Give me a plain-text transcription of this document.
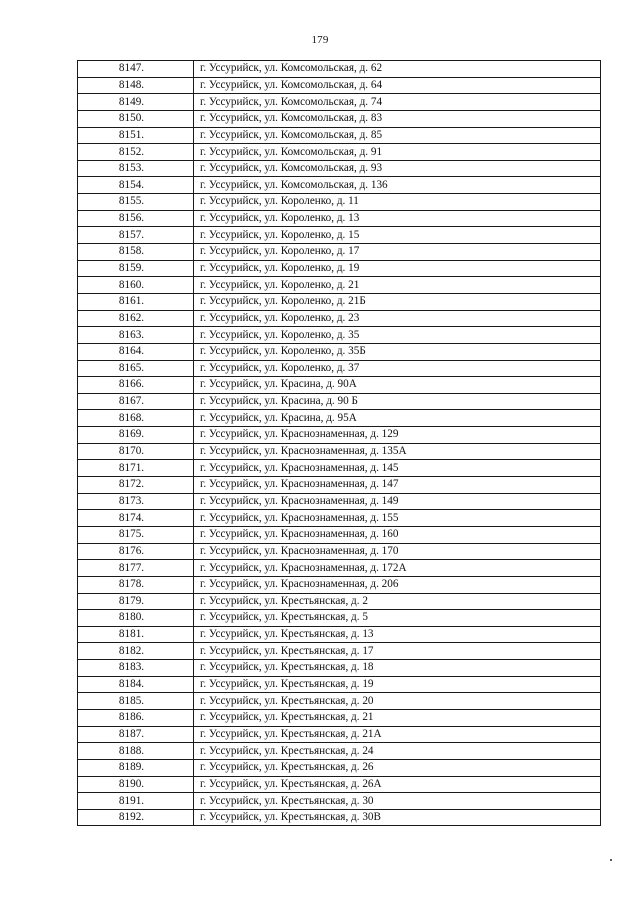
179
8147.	г. Уссурийск, ул. Комсомольская, д. 62
8148.	г. Уссурийск, ул. Комсомольская, д. 64
8149.	г. Уссурийск, ул. Комсомольская, д. 74
8150.	г. Уссурийск, ул. Комсомольская, д. 83
8151.	г. Уссурийск, ул. Комсомольская, д. 85
8152.	г. Уссурийск, ул. Комсомольская, д. 91
8153.	г. Уссурийск, ул. Комсомольская, д. 93
8154.	г. Уссурийск, ул. Комсомольская, д. 136
8155.	г. Уссурийск, ул. Короленко, д. 11
8156.	г. Уссурийск, ул. Короленко, д. 13
8157.	г. Уссурийск, ул. Короленко, д. 15
8158.	г. Уссурийск, ул. Короленко, д. 17
8159.	г. Уссурийск, ул. Короленко, д. 19
8160.	г. Уссурийск, ул. Короленко, д. 21
8161.	г. Уссурийск, ул. Короленко, д. 21Б
8162.	г. Уссурийск, ул. Короленко, д. 23
8163.	г. Уссурийск, ул. Короленко, д. 35
8164.	г. Уссурийск, ул. Короленко, д. 35Б
8165.	г. Уссурийск, ул. Короленко, д. 37
8166.	г. Уссурийск, ул. Красина, д. 90А
8167.	г. Уссурийск, ул. Красина, д. 90 Б
8168.	г. Уссурийск, ул. Красина, д. 95А
8169.	г. Уссурийск, ул. Краснознаменная, д. 129
8170.	г. Уссурийск, ул. Краснознаменная, д. 135А
8171.	г. Уссурийск, ул. Краснознаменная, д. 145
8172.	г. Уссурийск, ул. Краснознаменная, д. 147
8173.	г. Уссурийск, ул. Краснознаменная, д. 149
8174.	г. Уссурийск, ул. Краснознаменная, д. 155
8175.	г. Уссурийск, ул. Краснознаменная, д. 160
8176.	г. Уссурийск, ул. Краснознаменная, д. 170
8177.	г. Уссурийск, ул. Краснознаменная, д. 172А
8178.	г. Уссурийск, ул. Краснознаменная, д. 206
8179.	г. Уссурийск, ул. Крестьянская, д. 2
8180.	г. Уссурийск, ул. Крестьянская, д. 5
8181.	г. Уссурийск, ул. Крестьянская, д. 13
8182.	г. Уссурийск, ул. Крестьянская, д. 17
8183.	г. Уссурийск, ул. Крестьянская, д. 18
8184.	г. Уссурийск, ул. Крестьянская, д. 19
8185.	г. Уссурийск, ул. Крестьянская, д. 20
8186.	г. Уссурийск, ул. Крестьянская, д. 21
8187.	г. Уссурийск, ул. Крестьянская, д. 21А
8188.	г. Уссурийск, ул. Крестьянская, д. 24
8189.	г. Уссурийск, ул. Крестьянская, д. 26
8190.	г. Уссурийск, ул. Крестьянская, д. 26А
8191.	г. Уссурийск, ул. Крестьянская, д. 30
8192.	г. Уссурийск, ул. Крестьянская, д. 30В
